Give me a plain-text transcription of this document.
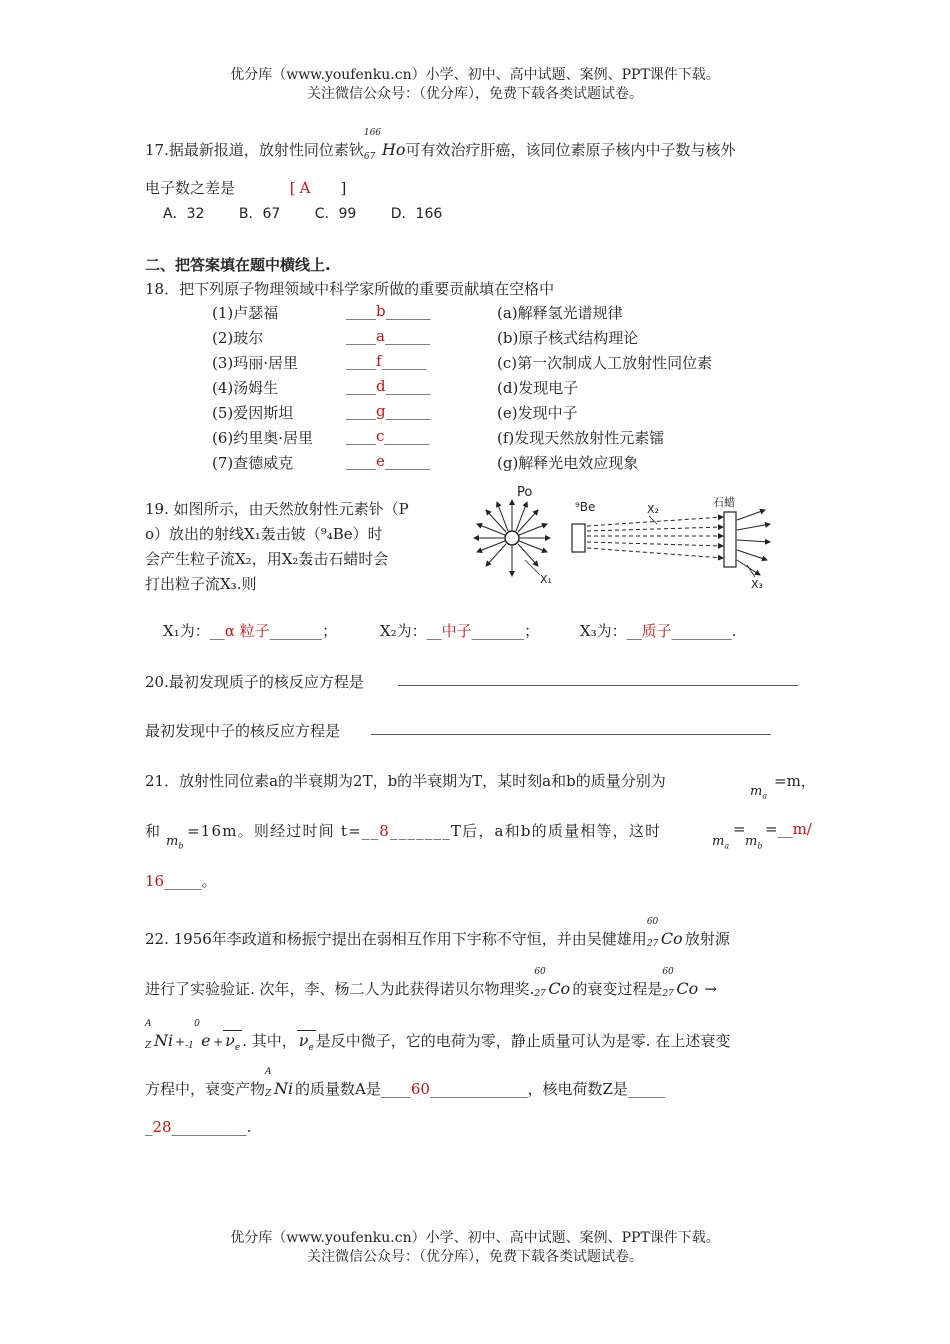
优分库（www.youfenku.cn）小学、初中、高中试题、案例、PPT课件下载。
关注微信公众号：（优分库），免费下载各类试题试卷。
17.据最新报道，放射性同位素钬
166
67 Ho可有效治疗肝癌，该同位素原子核内中子数与核外
电子数之差是	[ A ]
A．32 B．67 C．99 D．166
二、把答案填在题中横线上.
18．把下列原子物理领域中科学家所做的重要贡献填在空格中
(1)卢瑟福	____b______	(a)解释氢光谱规律
(2)玻尔	____a______	(b)原子核式结构理论
(3)玛丽·居里	____f______	(c)第一次制成人工放射性同位素
(4)汤姆生	____d______	(d)发现电子
(5)爱因斯坦	____g______	(e)发现中子
(6)约里奥·居里 ____c______	(f)发现天然放射性元素镭
(7)查德威克	____e______	(g)解释光电效应现象
19. 如图所示，由天然放射性元素钋（P
o）放出的射线X₁轰击铍（⁹₄Be）时
会产生粒子流X₂，用X₂轰击石蜡时会
打出粒子流X₃.则
Po
X₁
⁹Be	X₂
石蜡
X₃
X₁为：__α 粒子_______；	X₂为：__中子_______；	X₃为：__质子________.
20.最初发现质子的核反应方程是
最初发现中子的核反应方程是
21．放射性同位素a的半衰期为2T，b的半衰期为T，某时刻a和b的质量分别为
$m_a$
=m，
和
$m_b$
=16m。则经过时间 t=__8_______T后，a和b的质量相等，这时
$m_a$
=
$m_b$
=__m/
16_____。
22. 1956年李政道和杨振宁提出在弱相互作用下宇称不守恒，并由吴健雄用
60
27 Co 放射源
进行了实验验证. 次年，李、杨二人为此获得诺贝尔物理奖.
60
27 Co 的衰变过程是
60
27 Co →
A
Z Ni +
0
-1 $e + \nu_e$ . 其中， $\nu_e$ 是反中微子，它的电荷为零，静止质量可认为是零. 在上述衰变
方程中，衰变产物
A
Z Ni 的质量数A是____60_____________，核电荷数Z是_____
_28__________.
优分库（www.youfenku.cn）小学、初中、高中试题、案例、PPT课件下载。
关注微信公众号：（优分库），免费下载各类试题试卷。
